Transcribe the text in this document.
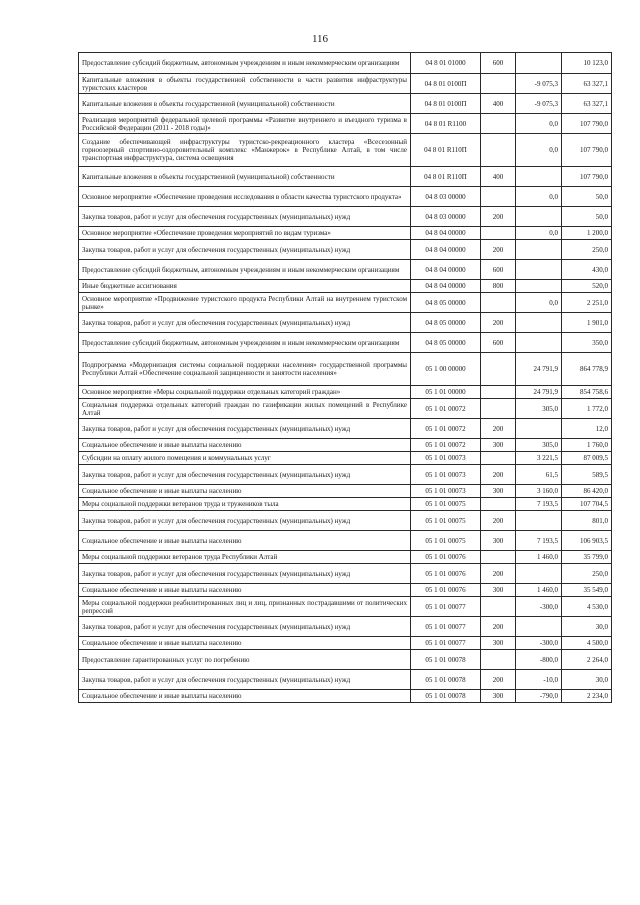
116
Предоставление субсидий бюджетным, автономным учреждениям и иным некоммерческим организациям	04 8 01 01000	600		10 123,0
Капитальные вложения в объекты государственной собственности в части развития инфраструктуры туристских кластеров	04 8 01 0100П		-9 075,3	63 327,1
Капитальные вложения в объекты государственной (муниципальной) собственности	04 8 01 0100П	400	-9 075,3	63 327,1
Реализация мероприятий федеральной целевой программы «Развитие внутреннего и въездного туризма в Российской Федерации (2011 - 2018 годы)»	04 8 01 R1100		0,0	107 790,0
Создание обеспечивающей инфраструктуры туристско-рекреационного кластера «Всесезонный горноозерный спортивно-оздоровительный комплекс «Манжерок» в Республике Алтай, в том числе транспортная инфраструктура, система освещения	04 8 01 R110П		0,0	107 790,0
Капитальные вложения в объекты государственной (муниципальной) собственности	04 8 01 R110П	400		107 790,0
Основное мероприятие «Обеспечение проведения исследования в области качества туристского продукта»	04 8 03 00000		0,0	50,0
Закупка товаров, работ и услуг для обеспечения государственных (муниципальных) нужд	04 8 03 00000	200		50,0
Основное мероприятие «Обеспечение проведения мероприятий по видам туризма»	04 8 04 00000		0,0	1 200,0
Закупка товаров, работ и услуг для обеспечения государственных (муниципальных) нужд	04 8 04 00000	200		250,0
Предоставление субсидий бюджетным, автономным учреждениям и иным некоммерческим организациям	04 8 04 00000	600		430,0
Иные бюджетные ассигнования	04 8 04 00000	800		520,0
Основное мероприятие «Продвижение туристского продукта Республики Алтай на внутреннем туристском рынке»	04 8 05 00000		0,0	2 251,0
Закупка товаров, работ и услуг для обеспечения государственных (муниципальных) нужд	04 8 05 00000	200		1 901,0
Предоставление субсидий бюджетным, автономным учреждениям и иным некоммерческим организациям	04 8 05 00000	600		350,0
Подпрограмма «Модернизация системы социальной поддержки населения» государственной программы Республики Алтай «Обеспечение социальной защищенности и занятости населения»	05 1 00 00000		24 791,9	864 778,9
Основное мероприятие «Меры социальной поддержки отдельных категорий граждан»	05 1 01 00000		24 791,9	854 758,6
Социальная поддержка отдельных категорий граждан по газификации жилых помещений в Республике Алтай	05 1 01 00072		305,0	1 772,0
Закупка товаров, работ и услуг для обеспечения государственных (муниципальных) нужд	05 1 01 00072	200		12,0
Социальное обеспечение и иные выплаты населению	05 1 01 00072	300	305,0	1 760,0
Субсидии на оплату жилого помещения и коммунальных услуг	05 1 01 00073		3 221,5	87 009,5
Закупка товаров, работ и услуг для обеспечения государственных (муниципальных) нужд	05 1 01 00073	200	61,5	589,5
Социальное обеспечение и иные выплаты населению	05 1 01 00073	300	3 160,0	86 420,0
Меры социальной поддержки ветеранов труда и тружеников тыла	05 1 01 00075		7 193,5	107 704,5
Закупка товаров, работ и услуг для обеспечения государственных (муниципальных) нужд	05 1 01 00075	200		801,0
Социальное обеспечение и иные выплаты населению	05 1 01 00075	300	7 193,5	106 903,5
Меры социальной поддержки ветеранов труда Республики Алтай	05 1 01 00076		1 460,0	35 799,0
Закупка товаров, работ и услуг для обеспечения государственных (муниципальных) нужд	05 1 01 00076	200		250,0
Социальное обеспечение и иные выплаты населению	05 1 01 00076	300	1 460,0	35 549,0
Меры социальной поддержки реабилитированных лиц и лиц, признанных пострадавшими от политических репрессий	05 1 01 00077		-300,0	4 530,0
Закупка товаров, работ и услуг для обеспечения государственных (муниципальных) нужд	05 1 01 00077	200		30,0
Социальное обеспечение и иные выплаты населению	05 1 01 00077	300	-300,0	4 500,0
Предоставление гарантированных услуг по погребению	05 1 01 00078		-800,0	2 264,0
Закупка товаров, работ и услуг для обеспечения государственных (муниципальных) нужд	05 1 01 00078	200	-10,0	30,0
Социальное обеспечение и иные выплаты населению	05 1 01 00078	300	-790,0	2 234,0
